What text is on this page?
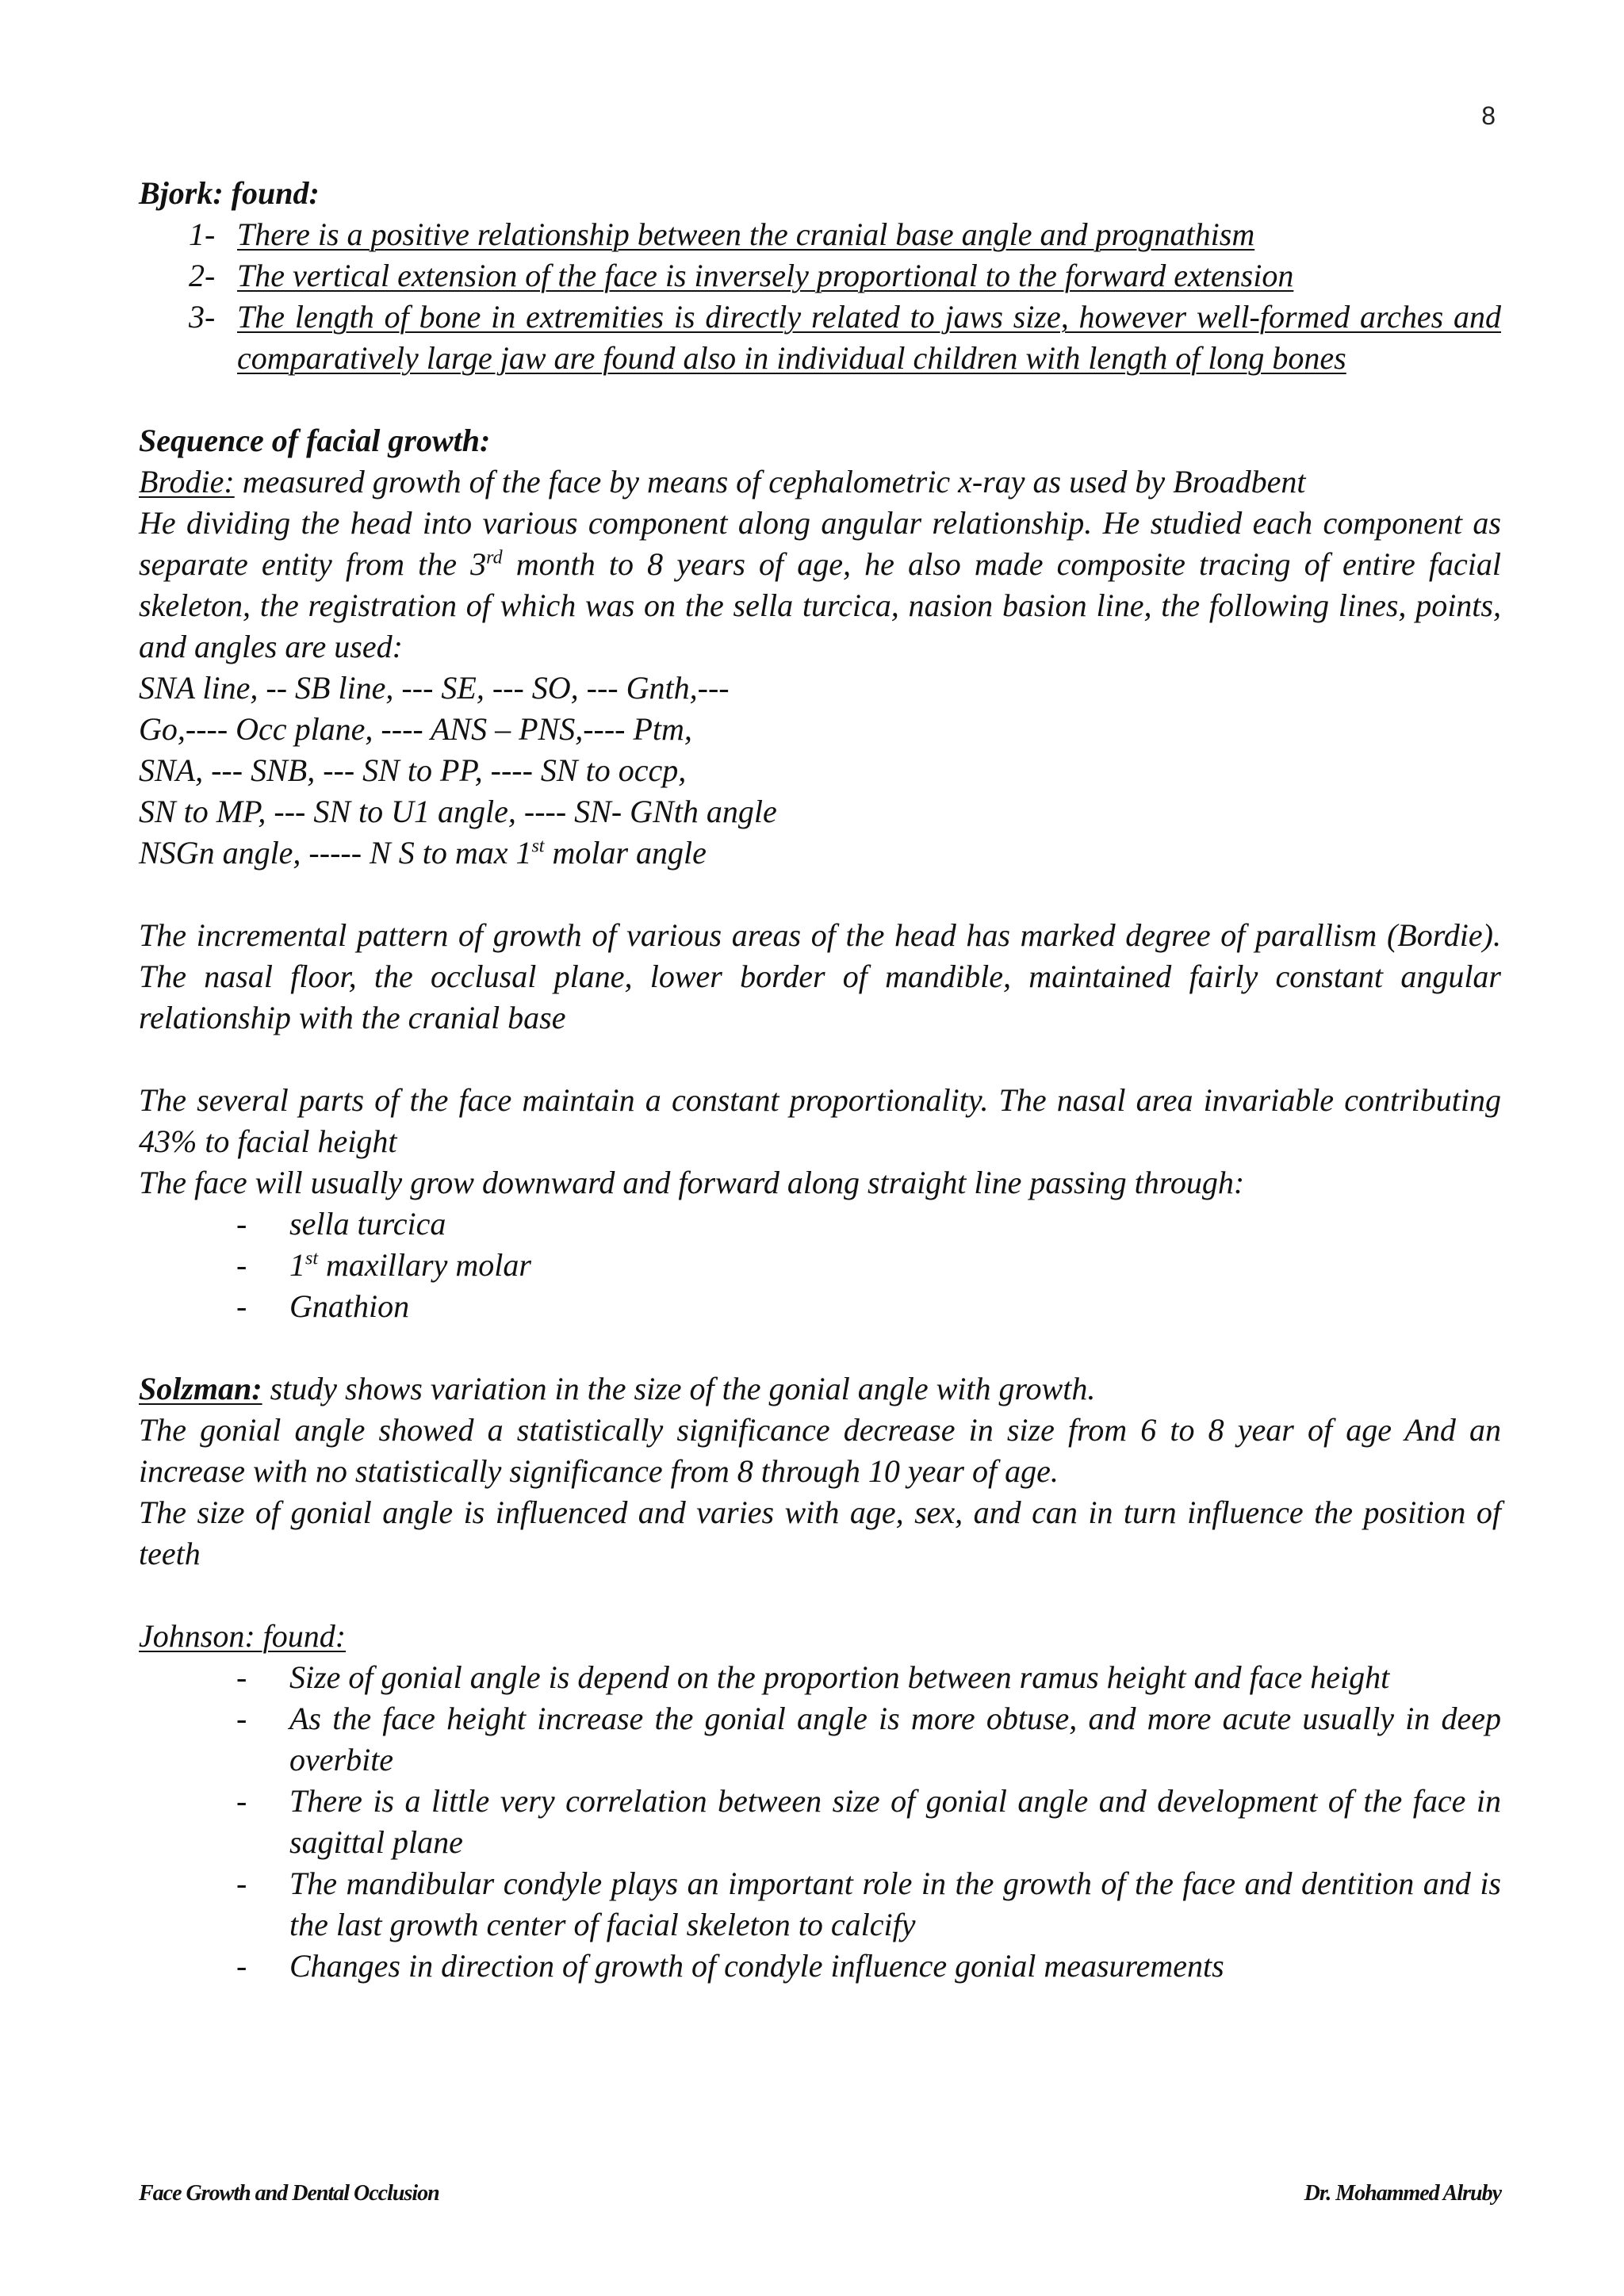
8

Bjork: found:

1- There is a positive relationship between the cranial base angle and prognathism

2- The vertical extension of the face is inversely proportional to the forward extension

3- The length of bone in extremities is directly related to jaws size, however well-formed arches and comparatively large jaw are found also in individual children with length of long bones

Sequence of facial growth:

Brodie: measured growth of the face by means of cephalometric x-ray as used by Broadbent

He dividing the head into various component along angular relationship. He studied each component as separate entity from the 3rd month to 8 years of age, he also made composite tracing of entire facial skeleton, the registration of which was on the sella turcica, nasion basion line, the following lines, points, and angles are used:

SNA line, -- SB line, --- SE, --- SO, --- Gnth,---

Go,---- Occ plane, ---- ANS – PNS,---- Ptm,

SNA, --- SNB, --- SN to PP, ---- SN to occp,

SN to MP, --- SN to U1 angle, ---- SN- GNth angle

NSGn angle, ----- N S to max 1st molar angle

The incremental pattern of growth of various areas of the head has marked degree of parallism (Bordie). The nasal floor, the occlusal plane, lower border of mandible, maintained fairly constant angular relationship with the cranial base

The several parts of the face maintain a constant proportionality. The nasal area invariable contributing 43% to facial height

The face will usually grow downward and forward along straight line passing through:

- sella turcica

- 1st maxillary molar

- Gnathion

Solzman: study shows variation in the size of the gonial angle with growth.

The gonial angle showed a statistically significance decrease in size from 6 to 8 year of age And an increase with no statistically significance from 8 through 10 year of age.

The size of gonial angle is influenced and varies with age, sex, and can in turn influence the position of teeth

Johnson: found:

- Size of gonial angle is depend on the proportion between ramus height and face height

- As the face height increase the gonial angle is more obtuse, and more acute usually in deep overbite

- There is a little very correlation between size of gonial angle and development of the face in sagittal plane

- The mandibular condyle plays an important role in the growth of the face and dentition and is the last growth center of facial skeleton to calcify

- Changes in direction of growth of condyle influence gonial measurements

Face Growth and Dental Occlusion	Dr. Mohammed Alruby
